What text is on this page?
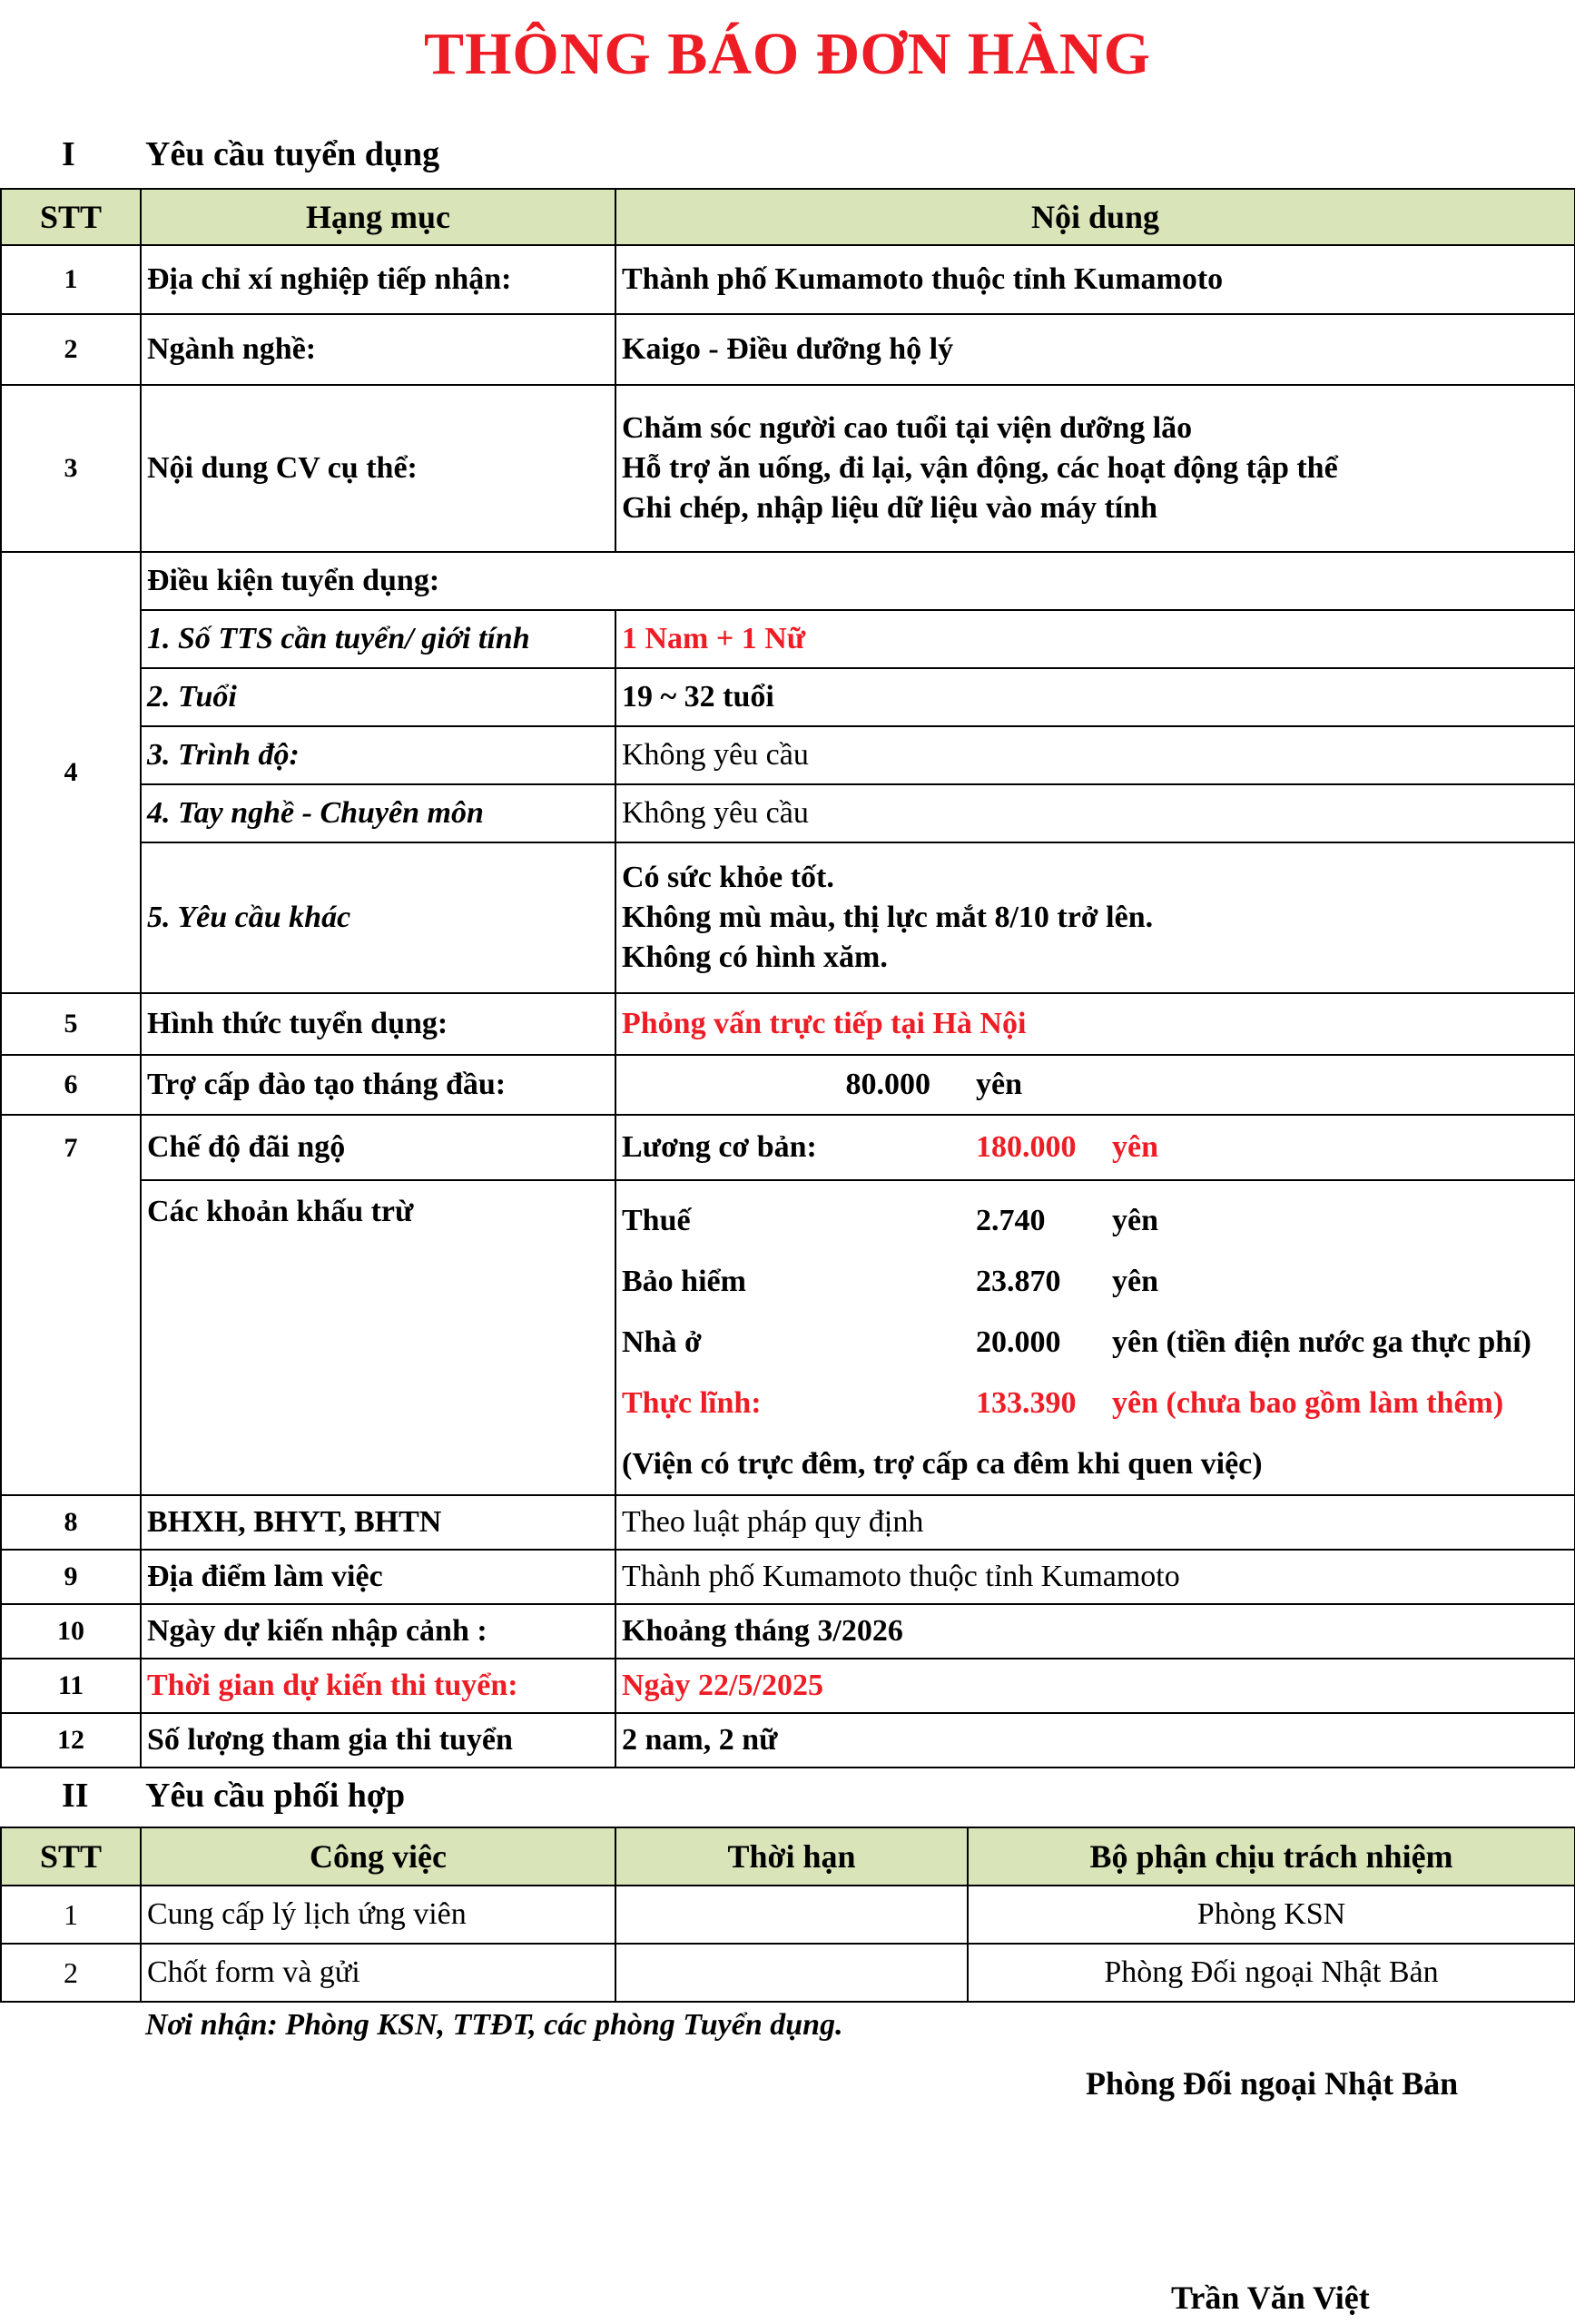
THÔNG BÁO ĐƠN HÀNG
I Yêu cầu tuyển dụng
STT	Hạng mục	Nội dung
1	Địa chỉ xí nghiệp tiếp nhận:	Thành phố Kumamoto thuộc tỉnh Kumamoto
2	Ngành nghề:	Kaigo - Điều dưỡng hộ lý
3	Nội dung CV cụ thể:	Chăm sóc người cao tuổi tại viện dưỡng lão
Hỗ trợ ăn uống, đi lại, vận động, các hoạt động tập thể
Ghi chép, nhập liệu dữ liệu vào máy tính

4	Điều kiện tuyển dụng:	
	1. Số TTS cần tuyển/ giới tính	1 Nam + 1 Nữ
	2. Tuổi	19 ~ 32 tuổi
	3. Trình độ:	Không yêu cầu
	4. Tay nghề - Chuyên môn	Không yêu cầu
	5. Yêu cầu khác	Có sức khỏe tốt.
Không mù màu, thị lực mắt 8/10 trở lên.
Không có hình xăm.

5	Hình thức tuyển dụng:	Phỏng vấn trực tiếp tại Hà Nội
6	Trợ cấp đào tạo tháng đầu:	80.000 yên
7	Chế độ đãi ngộ	Lương cơ bản: 180.000 yên
	Các khoản khấu trừ	Thuế 2.740 yên
Bảo hiểm 23.870 yên
Nhà ở 20.000 yên (tiền điện nước ga thực phí)
Thực lĩnh: 133.390 yên (chưa bao gồm làm thêm)
(Viện có trực đêm, trợ cấp ca đêm khi quen việc)

8	BHXH, BHYT, BHTN	Theo luật pháp quy định
9	Địa điểm làm việc	Thành phố Kumamoto thuộc tỉnh Kumamoto
10	Ngày dự kiến nhập cảnh :	Khoảng tháng 3/2026
11	Thời gian dự kiến thi tuyển:	Ngày 22/5/2025
12	Số lượng tham gia thi tuyển	2 nam, 2 nữ
II Yêu cầu phối hợp
STT	Công việc	Thời hạn	Bộ phận chịu trách nhiệm
1	Cung cấp lý lịch ứng viên		Phòng KSN
2	Chốt form và gửi		Phòng Đối ngoại Nhật Bản
Nơi nhận: Phòng KSN, TTĐT, các phòng Tuyển dụng.
Phòng Đối ngoại Nhật Bản
Trần Văn Việt
